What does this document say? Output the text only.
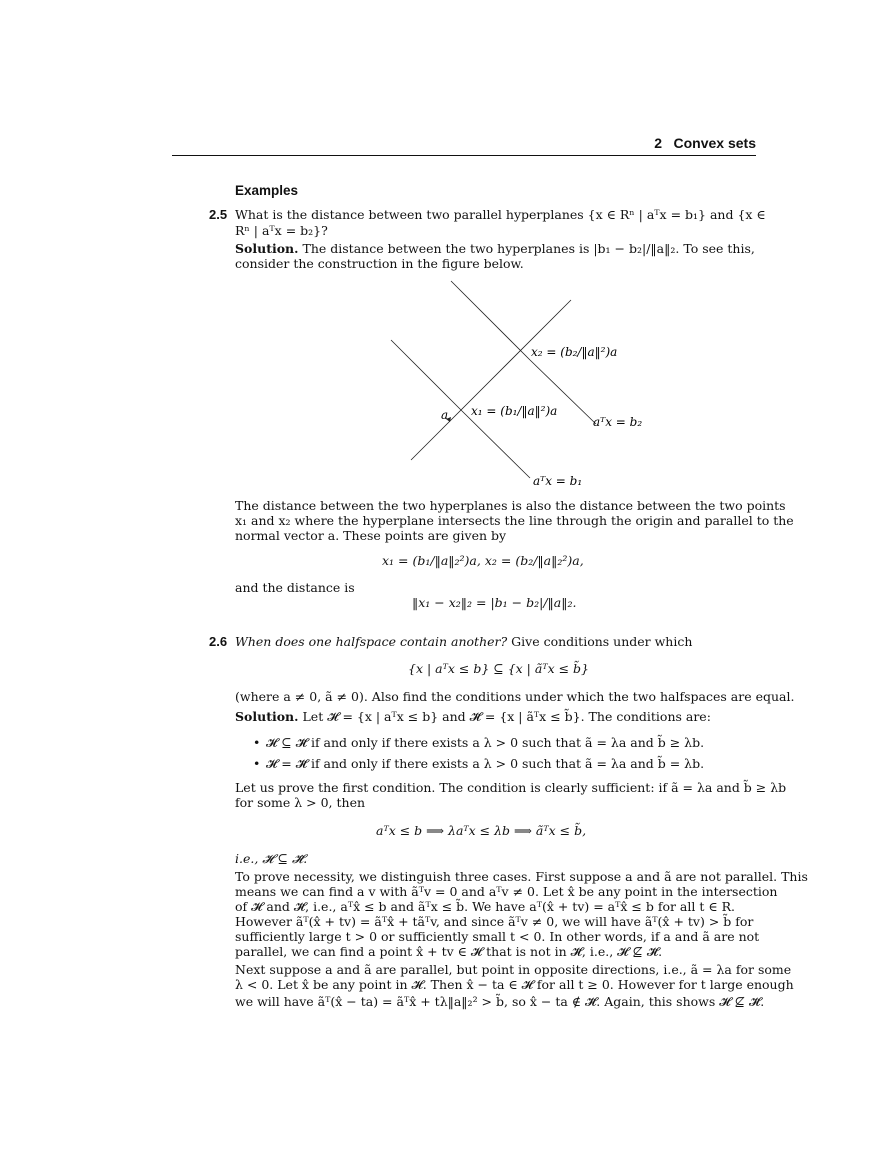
2 Convex sets
Examples
2.5 What is the distance between two parallel hyperplanes {x ∈ Rⁿ | aᵀx = b₁} and {x ∈
Rⁿ | aᵀx = b₂}?
Solution. The distance between the two hyperplanes is |b₁ − b₂|/‖a‖₂. To see this,
consider the construction in the figure below.
x₂ = (b₂/‖a‖²)a
x₁ = (b₁/‖a‖²)a
a	aᵀx = b₂
aᵀx = b₁
The distance between the two hyperplanes is also the distance between the two points
x₁ and x₂ where the hyperplane intersects the line through the origin and parallel to the
normal vector a. These points are given by
x₁ = (b₁/‖a‖₂²)a, x₂ = (b₂/‖a‖₂²)a,
and the distance is
‖x₁ − x₂‖₂ = |b₁ − b₂|/‖a‖₂.
2.6 When does one halfspace contain another? Give conditions under which
{x | aᵀx ≤ b} ⊆ {x | ãᵀx ≤ b̃}
(where a ≠ 0, ã ≠ 0). Also find the conditions under which the two halfspaces are equal.
Solution. Let 𝓗 = {x | aᵀx ≤ b} and 𝓗̃ = {x | ãᵀx ≤ b̃}. The conditions are:
• 𝓗 ⊆ 𝓗̃ if and only if there exists a λ > 0 such that ã = λa and b̃ ≥ λb.
• 𝓗 = 𝓗̃ if and only if there exists a λ > 0 such that ã = λa and b̃ = λb.
Let us prove the first condition. The condition is clearly sufficient: if ã = λa and b̃ ≥ λb
for some λ > 0, then
aᵀx ≤ b ⟹ λaᵀx ≤ λb ⟹ ãᵀx ≤ b̃,
i.e., 𝓗 ⊆ 𝓗̃.
To prove necessity, we distinguish three cases. First suppose a and ã are not parallel. This
means we can find a v with ãᵀv = 0 and aᵀv ≠ 0. Let x̂ be any point in the intersection
of 𝓗 and 𝓗̃, i.e., aᵀx̂ ≤ b and ãᵀx ≤ b̃. We have aᵀ(x̂ + tv) = aᵀx̂ ≤ b for all t ∈ R.
However ãᵀ(x̂ + tv) = ãᵀx̂ + tãᵀv, and since ãᵀv ≠ 0, we will have ãᵀ(x̂ + tv) > b̃ for
sufficiently large t > 0 or sufficiently small t < 0. In other words, if a and ã are not
parallel, we can find a point x̂ + tv ∈ 𝓗 that is not in 𝓗̃, i.e., 𝓗 ⊈ 𝓗̃.
Next suppose a and ã are parallel, but point in opposite directions, i.e., ã = λa for some
λ < 0. Let x̂ be any point in 𝓗. Then x̂ − ta ∈ 𝓗 for all t ≥ 0. However for t large enough
we will have ãᵀ(x̂ − ta) = ãᵀx̂ + tλ‖a‖₂² > b̃, so x̂ − ta ∉ 𝓗̃. Again, this shows 𝓗 ⊈ 𝓗̃.
